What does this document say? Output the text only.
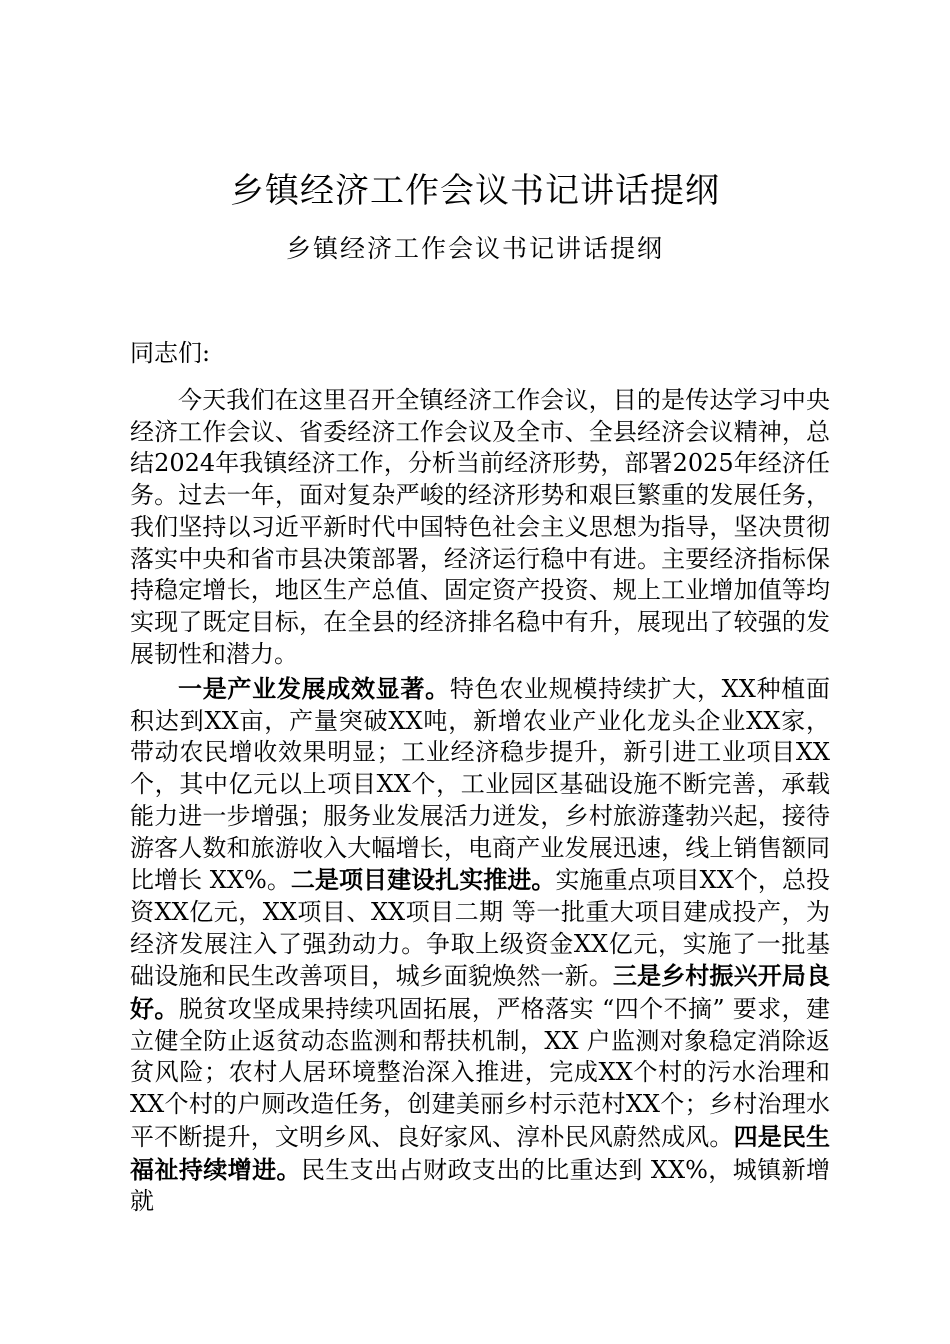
乡镇经济工作会议书记讲话提纲
乡镇经济工作会议书记讲话提纲

同志们:

今天我们在这里召开全镇经济工作会议，目的是传达学习中央经济工作会议、省委经济工作会议及全市、全县经济会议精神，总结2024年我镇经济工作，分析当前经济形势，部署2025年经济任务。过去一年，面对复杂严峻的经济形势和艰巨繁重的发展任务，我们坚持以习近平新时代中国特色社会主义思想为指导，坚决贯彻落实中央和省市县决策部署，经济运行稳中有进。主要经济指标保持稳定增长，地区生产总值、固定资产投资、规上工业增加值等均实现了既定目标，在全县的经济排名稳中有升，展现出了较强的发展韧性和潜力。

一是产业发展成效显著。特色农业规模持续扩大，XX种植面积达到XX亩，产量突破XX吨，新增农业产业化龙头企业XX家，带动农民增收效果明显；工业经济稳步提升，新引进工业项目XX个，其中亿元以上项目XX个，工业园区基础设施不断完善，承载能力进一步增强；服务业发展活力迸发，乡村旅游蓬勃兴起，接待游客人数和旅游收入大幅增长，电商产业发展迅速，线上销售额同比增长 XX%。二是项目建设扎实推进。实施重点项目XX个，总投资XX亿元，XX项目、XX项目二期 等一批重大项目建成投产，为经济发展注入了强劲动力。争取上级资金XX亿元，实施了一批基础设施和民生改善项目，城乡面貌焕然一新。三是乡村振兴开局良好。脱贫攻坚成果持续巩固拓展，严格落实 “四个不摘” 要求，建立健全防止返贫动态监测和帮扶机制，XX 户监测对象稳定消除返贫风险；农村人居环境整治深入推进，完成XX个村的污水治理和XX个村的户厕改造任务，创建美丽乡村示范村XX个；乡村治理水平不断提升，文明乡风、良好家风、淳朴民风蔚然成风。四是民生福祉持续增进。民生支出占财政支出的比重达到 XX%，城镇新增就
